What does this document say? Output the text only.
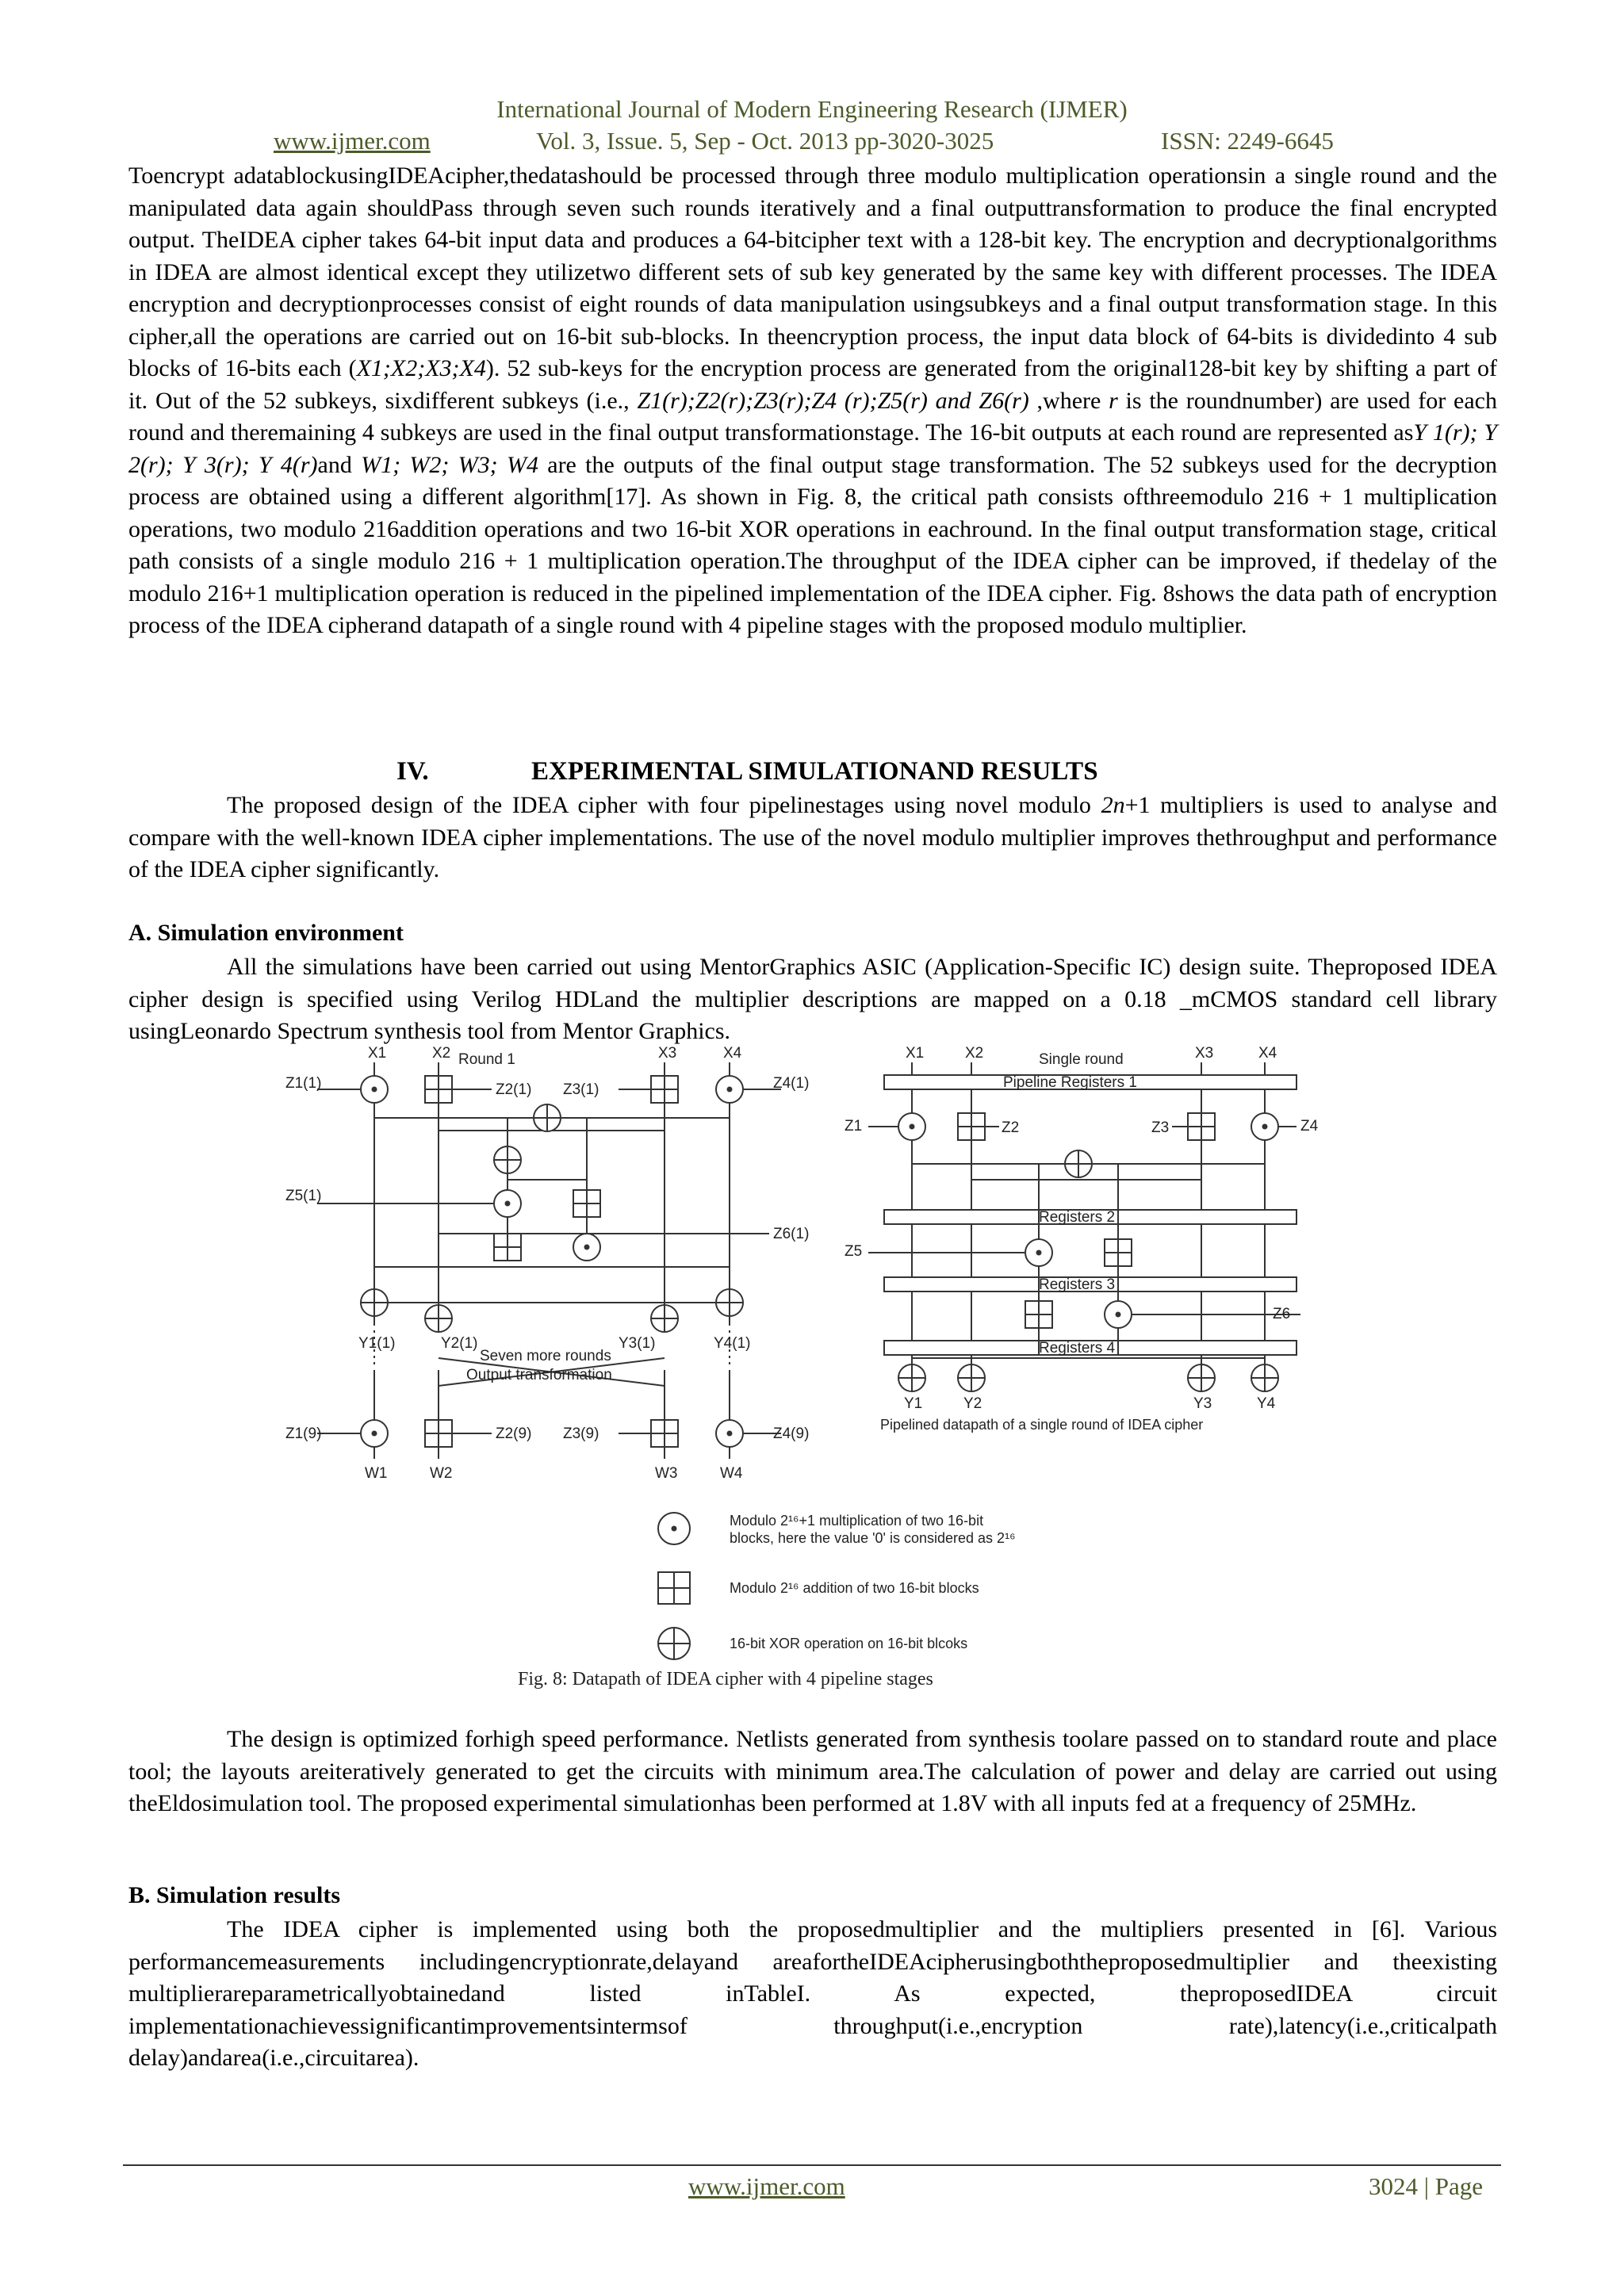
International Journal of Modern Engineering Research (IJMER)
www.ijmer.com	Vol. 3, Issue. 5, Sep - Oct. 2013 pp-3020-3025	ISSN: 2249-6645

Toencrypt adatablockusingIDEAcipher,thedatashould be processed through three modulo multiplication operationsin a single round and the manipulated data again shouldPass through seven such rounds iteratively and a final outputtransformation to produce the final encrypted output. TheIDEA cipher takes 64-bit input data and produces a 64-bitcipher text with a 128-bit key. The encryption and decryptionalgorithms in IDEA are almost identical except they utilizetwo different sets of sub key generated by the same key with different processes. The IDEA encryption and decryptionprocesses consist of eight rounds of data manipulation usingsubkeys and a final output transformation stage. In this cipher,all the operations are carried out on 16-bit sub-blocks. In theencryption process, the input data block of 64-bits is dividedinto 4 sub blocks of 16-bits each (X1;X2;X3;X4). 52 sub-keys for the encryption process are generated from the original128-bit key by shifting a part of it. Out of the 52 subkeys, sixdifferent subkeys (i.e., Z1(r);Z2(r);Z3(r);Z4 (r);Z5(r) and Z6(r) ,where r is the roundnumber) are used for each round and theremaining 4 subkeys are used in the final output transformationstage. The 16-bit outputs at each round are represented asY 1(r); Y 2(r); Y 3(r); Y 4(r)and W1; W2; W3; W4 are the outputs of the final output stage transformation. The 52 subkeys used for the decryption process are obtained using a different algorithm[17]. As shown in Fig. 8, the critical path consists ofthreemodulo 216 + 1 multiplication operations, two modulo 216addition operations and two 16-bit XOR operations in eachround. In the final output transformation stage, critical path consists of a single modulo 216 + 1 multiplication operation.The throughput of the IDEA cipher can be improved, if thedelay of the modulo 216+1 multiplication operation is reduced in the pipelined implementation of the IDEA cipher. Fig. 8shows the data path of encryption process of the IDEA cipherand datapath of a single round with 4 pipeline stages with the proposed modulo multiplier.

IV.	EXPERIMENTAL SIMULATIONAND RESULTS

The proposed design of the IDEA cipher with four pipelinestages using novel modulo 2n+1 multipliers is used to analyse and compare with the well-known IDEA cipher implementations. The use of the novel modulo multiplier improves thethroughput and performance of the IDEA cipher significantly.

A. Simulation environment

All the simulations have been carried out using MentorGraphics ASIC (Application-Specific IC) design suite. Theproposed IDEA cipher design is specified using Verilog HDLand the multiplier descriptions are mapped on a 0.18 _mCMOS standard cell library usingLeonardo Spectrum synthesis tool from Mentor Graphics.

Round 1
X1	X2	X3	X4
Z1(1)	Z2(1) Z3(1)	Z4(1)
Z5(1)
Z6(1)
Y1(1)	Y2(1)	Y3(1)	Y4(1)
Seven more rounds
Output transformation
Z1(9)	Z2(9) Z3(9)	Z4(9)
W1	W2	W3	W4
Single round
X1	X2	X3	X4
Pipeline Registers 1
Registers 2
Registers 3
Registers 4
Z1	Z2	Z3	Z4
Z5
Z6
Y1	Y2	Y3	Y4
Pipelined datapath of a single round of IDEA cipher
Modulo 2¹⁶+1 multiplication of two 16-bit
blocks, here the value '0' is considered as 2¹⁶
Modulo 2¹⁶ addition of two 16-bit blocks
16-bit XOR operation on 16-bit blcoks
Fig. 8: Datapath of IDEA cipher with 4 pipeline stages

The design is optimized forhigh speed performance. Netlists generated from synthesis toolare passed on to standard route and place tool; the layouts areiteratively generated to get the circuits with minimum area.The calculation of power and delay are carried out using theEldosimulation tool. The proposed experimental simulationhas been performed at 1.8V with all inputs fed at a frequency of 25MHz.

B. Simulation results

The IDEA cipher is implemented using both the proposedmultiplier and the multipliers presented in [6]. Various performancemeasurements includingencryptionrate,delayand areafortheIDEAcipherusingboththeproposedmultiplier and theexisting multiplierareparametricallyobtainedand listed inTableI. As expected, theproposedIDEA circuit implementationachievessignificantimprovementsintermsof throughput(i.e.,encryption rate),latency(i.e.,criticalpath delay)andarea(i.e.,circuitarea).

www.ijmer.com	3024 | Page
